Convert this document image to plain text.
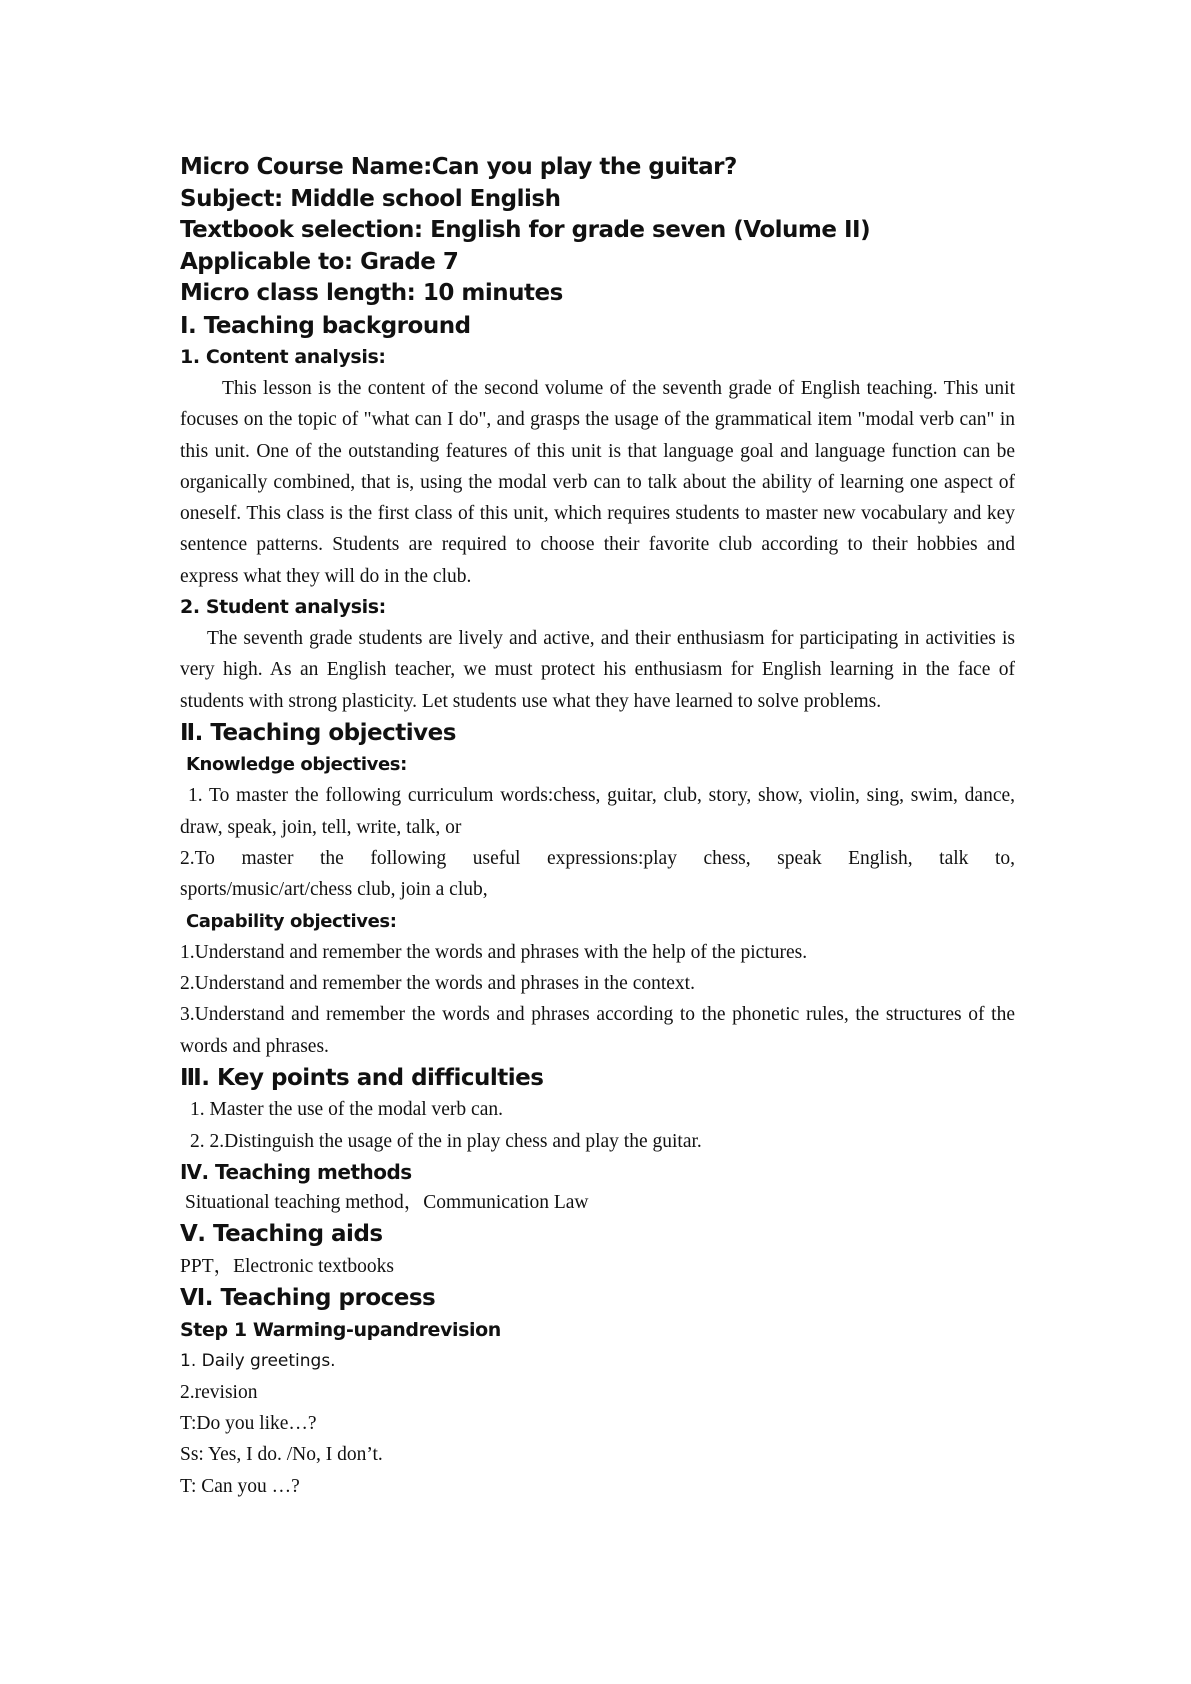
Micro Course Name:Can you play the guitar?

Subject: Middle school English

Textbook selection: English for grade seven (Volume II)

Applicable to: Grade 7

Micro class length: 10 minutes

Ⅰ. Teaching background

1. Content analysis:

This lesson is the content of the second volume of the seventh grade of English teaching. This unit focuses on the topic of "what can I do", and grasps the usage of the grammatical item "modal verb can" in this unit. One of the outstanding features of this unit is that language goal and language function can be organically combined, that is, using the modal verb can to talk about the ability of learning one aspect of oneself. This class is the first class of this unit, which requires students to master new vocabulary and key sentence patterns. Students are required to choose their favorite club according to their hobbies and express what they will do in the club.

2. Student analysis:

The seventh grade students are lively and active, and their enthusiasm for participating in activities is very high. As an English teacher, we must protect his enthusiasm for English learning in the face of students with strong plasticity. Let students use what they have learned to solve problems.

Ⅱ. Teaching objectives

Knowledge objectives:

1. To master the following curriculum words:chess, guitar, club, story, show, violin, sing, swim, dance, draw, speak, join, tell, write, talk, or

2.To master the following useful expressions:play chess, speak English, talk to,

sports/music/art/chess club, join a club,

Capability objectives:

1.Understand and remember the words and phrases with the help of the pictures.

2.Understand and remember the words and phrases in the context.

3.Understand and remember the words and phrases according to the phonetic rules, the structures of the words and phrases.

Ⅲ. Key points and difficulties

1. Master the use of the modal verb can.

2. 2.Distinguish the usage of the in play chess and play the guitar.

Ⅳ. Teaching methods

Situational teaching method，Communication Law

Ⅴ. Teaching aids

PPT，Electronic textbooks

Ⅵ. Teaching process

Step 1 Warming-upandrevision

1. Daily greetings.

2.revision

T:Do you like…?

Ss: Yes, I do. /No, I don’t.

T: Can you …?
